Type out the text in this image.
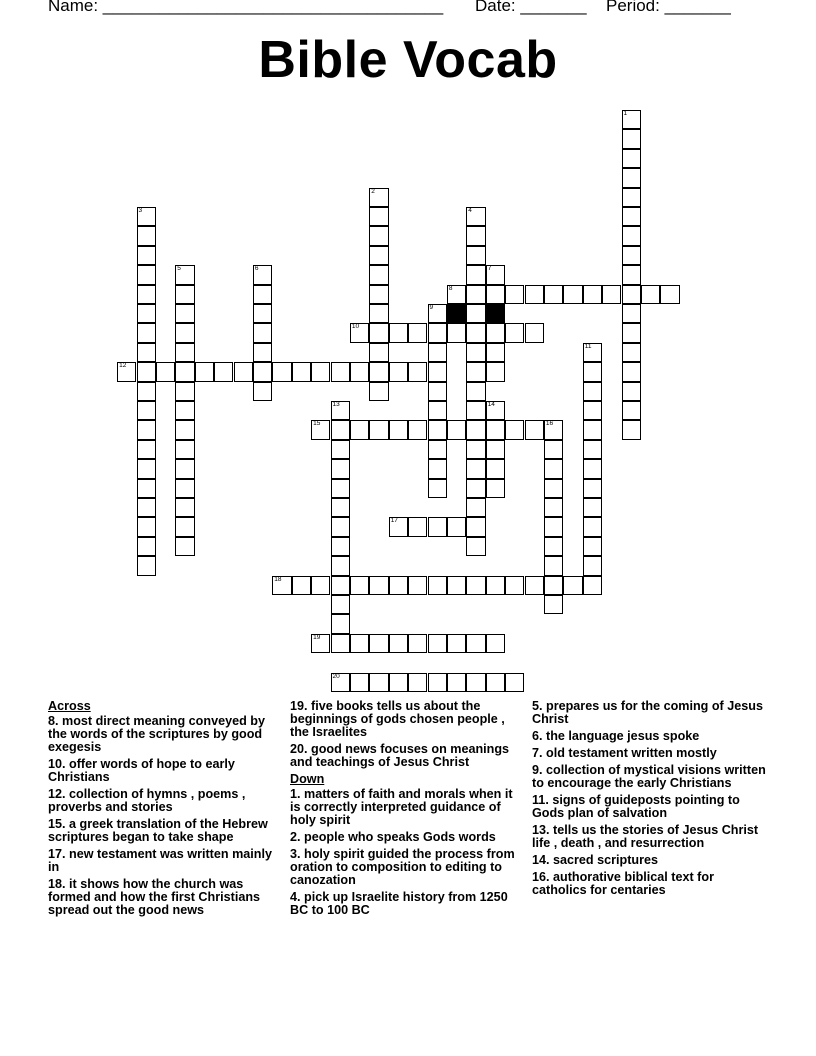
Name: ____________________________________ Date: _______ Period: _______
Bible Vocab
1
2
3	4
5	6	7
8
9
10
11
12
13	14
15	16
17
18
19
20
Across
8. most direct meaning conveyed by the words of the scriptures by good exegesis
10. offer words of hope to early Christians
12. collection of hymns , poems , proverbs and stories
15. a greek translation of the Hebrew scriptures began to take shape
17. new testament was written mainly in
18. it shows how the church was formed and how the first Christians spread out the good news
19. five books tells us about the beginnings of gods chosen people , the Israelites
20. good news focuses on meanings and teachings of Jesus Christ
Down
1. matters of faith and morals when it is correctly interpreted guidance of holy spirit
2. people who speaks Gods words
3. holy spirit guided the process from oration to composition to editing to canozation
4. pick up Israelite history from 1250 BC to 100 BC
5. prepares us for the coming of Jesus Christ
6. the language jesus spoke
7. old testament written mostly
9. collection of mystical visions written to encourage the early Christians
11. signs of guideposts pointing to Gods plan of salvation
13. tells us the stories of Jesus Christ life , death , and resurrection
14. sacred scriptures
16. authorative biblical text for catholics for centaries
